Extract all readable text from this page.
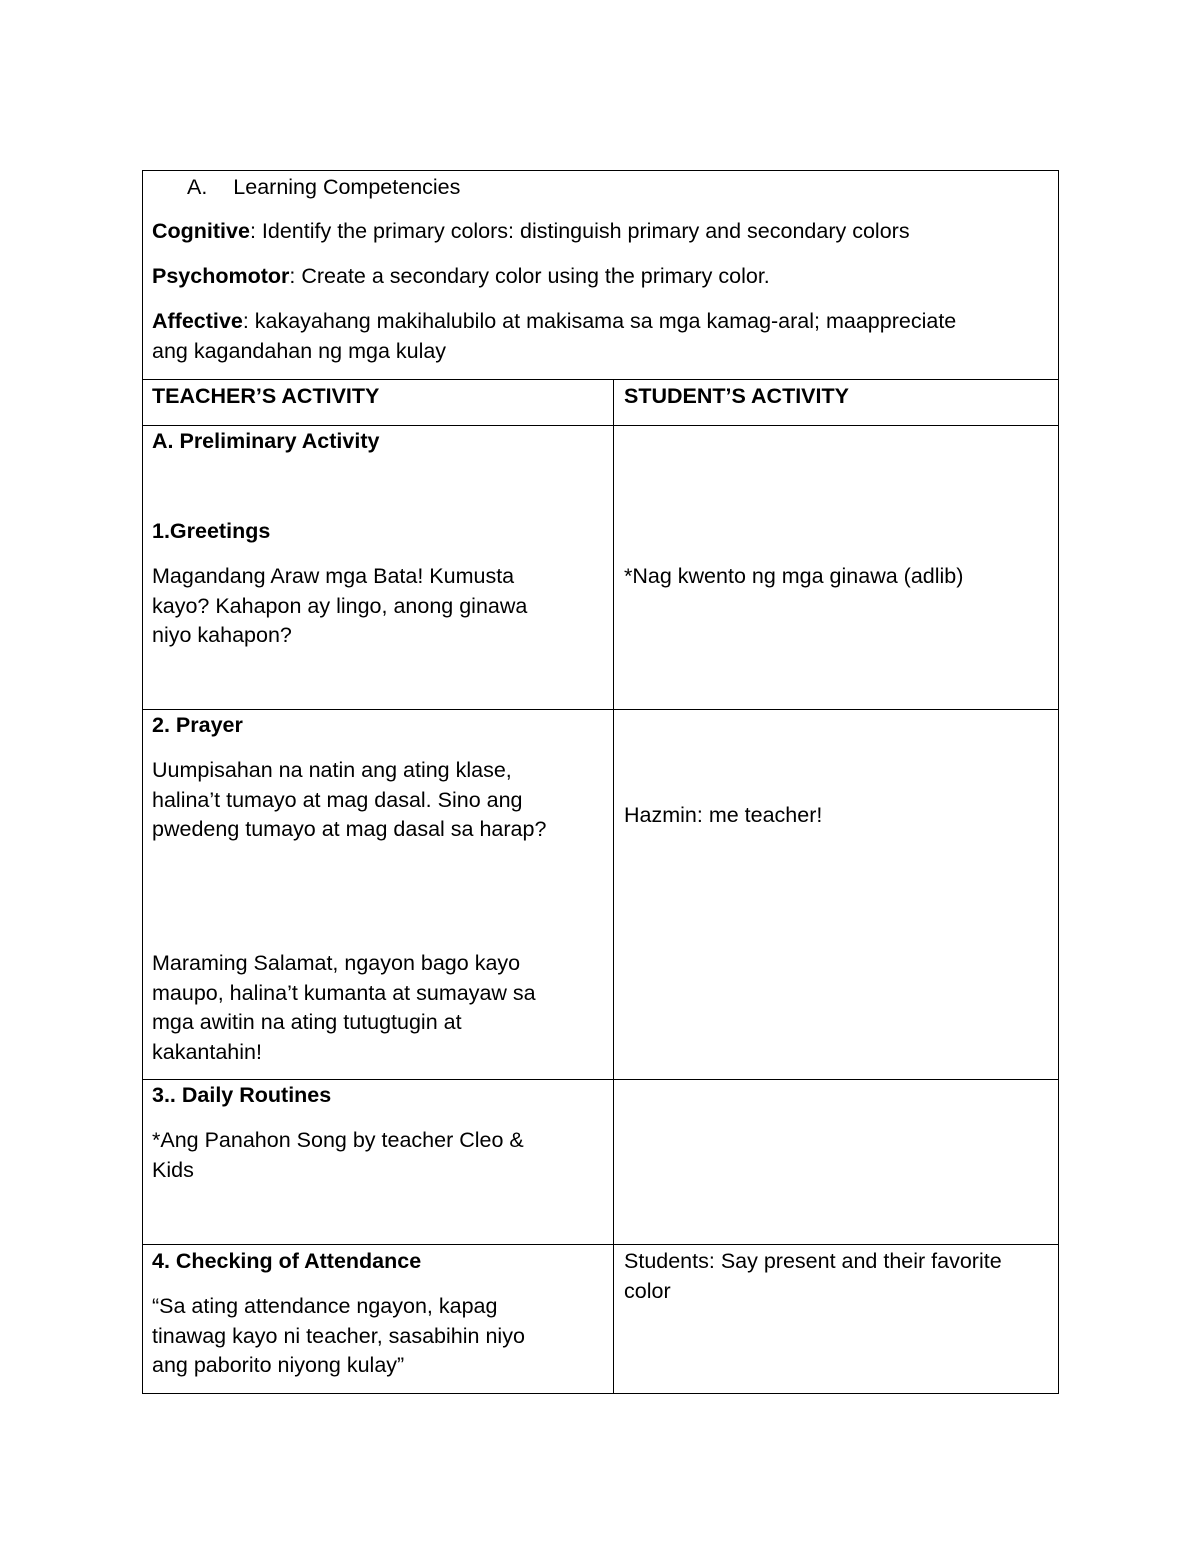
A. Learning Competencies
Cognitive: Identify the primary colors: distinguish primary and secondary colors
Psychomotor: Create a secondary color using the primary color.
Affective: kakayahang makihalubilo at makisama sa mga kamag-aral; maappreciate
ang kagandahan ng mga kulay
TEACHER’S ACTIVITY	STUDENT’S ACTIVITY
A. Preliminary Activity
1.Greetings
Magandang Araw mga Bata! Kumusta
kayo? Kahapon ay lingo, anong ginawa
niyo kahapon?
*Nag kwento ng mga ginawa (adlib)
2. Prayer
Uumpisahan na natin ang ating klase,
halina’t tumayo at mag dasal. Sino ang
pwedeng tumayo at mag dasal sa harap?
Maraming Salamat, ngayon bago kayo
maupo, halina’t kumanta at sumayaw sa
mga awitin na ating tutugtugin at
kakantahin!
Hazmin: me teacher!
3.. Daily Routines
*Ang Panahon Song by teacher Cleo &
Kids
4. Checking of Attendance
“Sa ating attendance ngayon, kapag
tinawag kayo ni teacher, sasabihin niyo
ang paborito niyong kulay”
Students: Say present and their favorite
color
